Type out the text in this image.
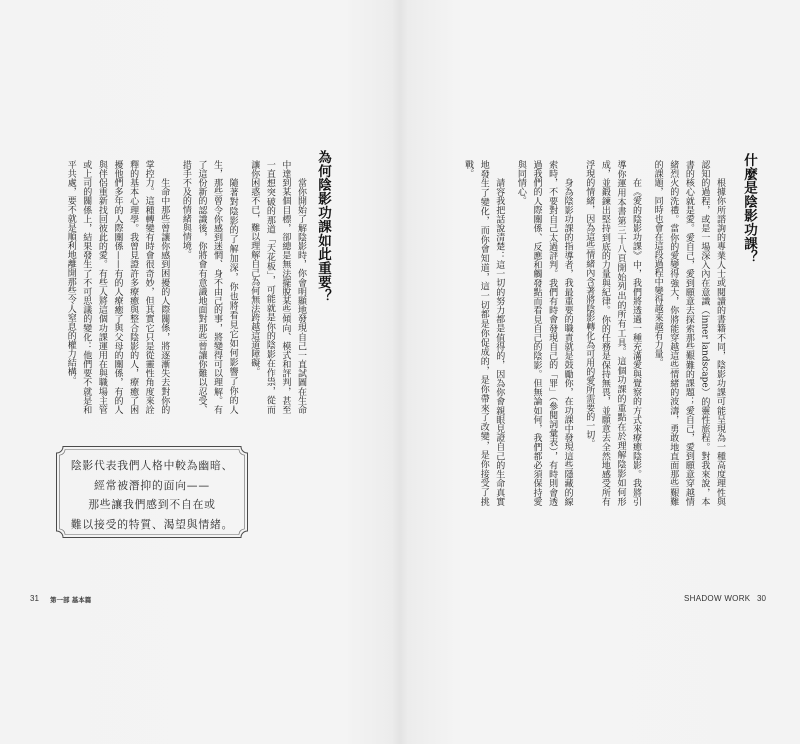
為何陰影功課如此重要？

當你開始了解陰影時，你會明顯地發現自己一直試圖在生命中達到某個目標，卻總是無法擺脫某些傾向、模式和評判，甚至一直想突破的那道「天花板」，可能就是你的陰影在作祟，從而讓你困惑不已，難以理解自己為何無法跨越這道障礙。

隨著對陰影的了解加深，你也將看見它如何影響了你的人生，那些曾令你感到迷惘、身不由己的事，將變得可以理解。有了這份新的認識後，你將會有意識地面對那些曾讓你難以忍受、措手不及的情緒與情境。

生命中那些曾讓你感到困擾的人際關係，將逐漸失去對你的掌控力。這種轉變有時會很奇妙，但其實它只是從靈性角度來詮釋的基本心理學。我曾見證許多療癒與整合陰影的人，療癒了困擾他們多年的人際關係——有的人療癒了與父母的關係，有的人與伴侶重新找回彼此的愛。有些人將這個功課運用在與職場主管或上司的關係上，結果發生了不可思議的變化：他們要不就是和平共處，要不就是順利地離開那些令人窒息的權力結構。

陰影代表我們人格中較為幽暗、
經常被潛抑的面向——
那些讓我們感到不自在或
難以接受的特質、渴望與情緒。
31 第一部 基本篇
什麼是陰影功課？

根據你所諮詢的專業人士或閱讀的書籍不同，陰影功課可能呈現為一種高度理性與認知的過程，或是一場深入內在意識（inner landscape）的靈性旅程。對我來說，本書的核心就是愛。愛自己，愛到願意去探索那些艱難的課題；愛自己，愛到願意穿越情緒烈火的洗禮。當你的愛變得強大，你將能穿越這些情緒的波濤，勇敢地直面那些艱難的課題，同時也會在這段過程中變得越來越有力量。

在《愛的陰影功課》中，我們將透過一種充滿愛與覺察的方式來療癒陰影。我將引導你運用本書第三十八頁開始列出的所有工具。這個功課的重點在於理解陰影如何形成，並鍛鍊出堅持到底的力量與紀律。你的任務是保持無畏，並願意去全然地感受所有浮現的情緒，因為這些情緒內含著將陰影轉化為可用的愛所需要的一切。

身為陰影功課的指導者，我最重要的職責就是鼓勵你，在功課中發現這些隱藏的線索時，不要對自己太過評判。我們有時會發現自己的「罪」（參閱詞彙表），有時則會透過我們的人際關係、反應和觸發點而看見自己的陰影。但無論如何，我們都必須保持愛與同情心。

請容我把話說清楚：這一切的努力都是值得的，因為你會親眼見證自己的生命真實地發生了變化，而你會知道，這一切都是你促成的，是你帶來了改變，是你接受了挑戰。

SHADOW WORK 30
